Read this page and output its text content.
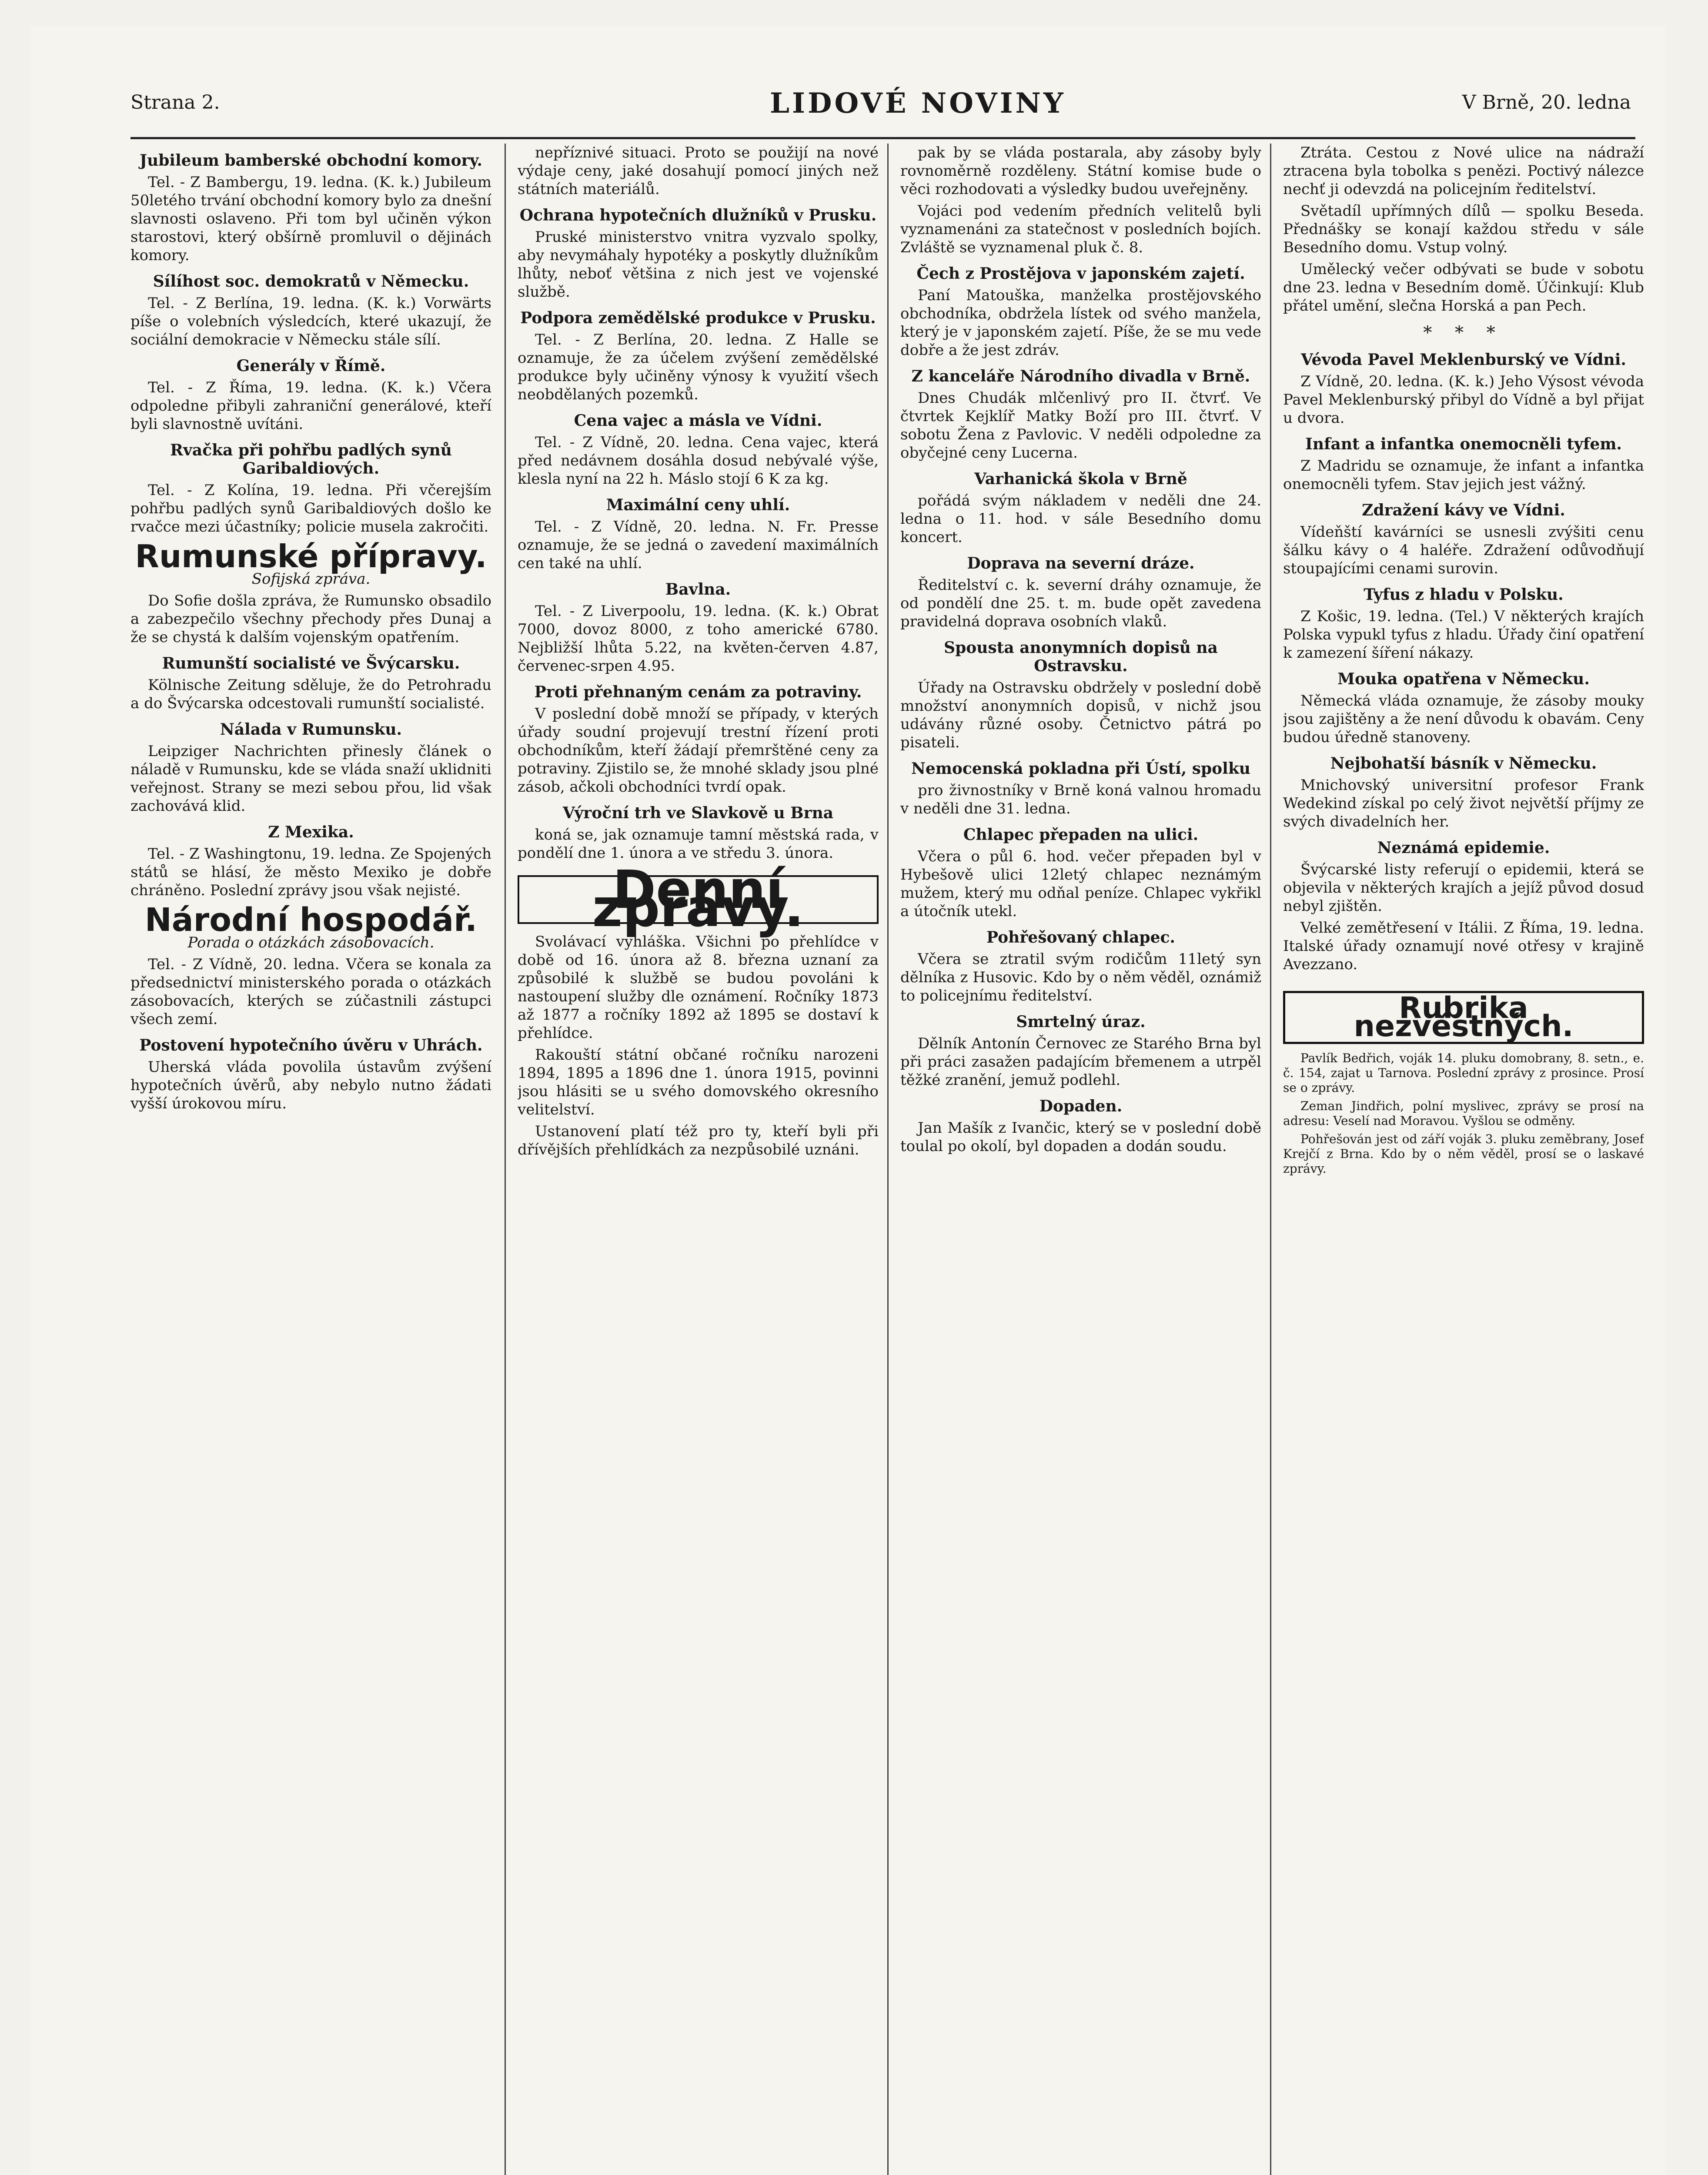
Strana 2.	LIDOVÉ NOVINY	V Brně, 20. ledna
Jubileum bamberské obchodní komory.

Tel. - Z Bambergu, 19. ledna. (K. k.) Jubileum 50letého trvání obchodní komory bylo za dnešní slavnosti oslaveno. Při tom byl učiněn výkon starostovi, který obšírně promluvil o dějinách komory.

Sílíhost soc. demokratů v Německu.

Tel. - Z Berlína, 19. ledna. (K. k.) Vorwärts píše o volebních výsledcích, které ukazují, že sociální demokracie v Německu stále sílí.

Generály v Římě.

Tel. - Z Říma, 19. ledna. (K. k.) Včera odpoledne přibyli zahraniční generálové, kteří byli slavnostně uvítáni.

Rvačka při pohřbu padlých synů Garibaldiových.

Tel. - Z Kolína, 19. ledna. Při včerejším pohřbu padlých synů Garibaldiových došlo ke rvačce mezi účastníky; policie musela zakročiti.

Rumunské přípravy.
Sofijská zpráva.

Do Sofie došla zpráva, že Rumunsko obsadilo a zabezpečilo všechny přechody přes Dunaj a že se chystá k dalším vojenským opatřením.

Rumunští socialisté ve Švýcarsku.

Kölnische Zeitung sděluje, že do Petrohradu a do Švýcarska odcestovali rumunští socialisté.

Nálada v Rumunsku.

Leipziger Nachrichten přinesly článek o náladě v Rumunsku, kde se vláda snaží uklidniti veřejnost. Strany se mezi sebou přou, lid však zachovává klid.

Z Mexika.

Tel. - Z Washingtonu, 19. ledna. Ze Spojených států se hlásí, že město Mexiko je dobře chráněno. Poslední zprávy jsou však nejisté.

Národní hospodář.
Porada o otázkách zásobovacích.

Tel. - Z Vídně, 20. ledna. Včera se konala za předsednictví ministerského porada o otázkách zásobovacích, kterých se zúčastnili zástupci všech zemí.

Postovení hypotečního úvěru v Uhrách.

Uherská vláda povolila ústavům zvýšení hypotečních úvěrů, aby nebylo nutno žádati vyšší úrokovou míru.

nepříznivé situaci. Proto se použijí na nové výdaje ceny, jaké dosahují pomocí jiných než státních materiálů.

Ochrana hypotečních dlužníků v Prusku.

Pruské ministerstvo vnitra vyzvalo spolky, aby nevymáhaly hypotéky a poskytly dlužníkům lhůty, neboť většina z nich jest ve vojenské službě.

Podpora zemědělské produkce v Prusku.

Tel. - Z Berlína, 20. ledna. Z Halle se oznamuje, že za účelem zvýšení zemědělské produkce byly učiněny výnosy k využití všech neobdělaných pozemků.

Cena vajec a másla ve Vídni.

Tel. - Z Vídně, 20. ledna. Cena vajec, která před nedávnem dosáhla dosud nebývalé výše, klesla nyní na 22 h. Máslo stojí 6 K za kg.

Maximální ceny uhlí.

Tel. - Z Vídně, 20. ledna. N. Fr. Presse oznamuje, že se jedná o zavedení maximálních cen také na uhlí.

Bavlna.

Tel. - Z Liverpoolu, 19. ledna. (K. k.) Obrat 7000, dovoz 8000, z toho americké 6780. Nejbližší lhůta 5.22, na květen-červen 4.87, červenec-srpen 4.95.

Proti přehnaným cenám za potraviny.

V poslední době množí se případy, v kterých úřady soudní projevují trestní řízení proti obchodníkům, kteří žádají přemrštěné ceny za potraviny. Zjistilo se, že mnohé sklady jsou plné zásob, ačkoli obchodníci tvrdí opak.

Výroční trh ve Slavkově u Brna

koná se, jak oznamuje tamní městská rada, v pondělí dne 1. února a ve středu 3. února.

Denní zprávy.

Svolávací vyhláška. Všichni po přehlídce v době od 16. února až 8. března uznaní za způsobilé k službě se budou povoláni k nastoupení služby dle oznámení. Ročníky 1873 až 1877 a ročníky 1892 až 1895 se dostaví k přehlídce.

Rakouští státní občané ročníku narozeni 1894, 1895 a 1896 dne 1. února 1915, povinni jsou hlásiti se u svého domovského okresního velitelství.

Ustanovení platí též pro ty, kteří byli při dřívějších přehlídkách za nezpůsobilé uznáni.

pak by se vláda postarala, aby zásoby byly rovnoměrně rozděleny. Státní komise bude o věci rozhodovati a výsledky budou uveřejněny.

Vojáci pod vedením předních velitelů byli vyznamenáni za statečnost v posledních bojích. Zvláště se vyznamenal pluk č. 8.

Čech z Prostějova v japonském zajetí.

Paní Matouška, manželka prostějovského obchodníka, obdržela lístek od svého manžela, který je v japonském zajetí. Píše, že se mu vede dobře a že jest zdráv.

Z kanceláře Národního divadla v Brně.

Dnes Chudák mlčenlivý pro II. čtvrť. Ve čtvrtek Kejklíř Matky Boží pro III. čtvrť. V sobotu Žena z Pavlovic. V neděli odpoledne za obyčejné ceny Lucerna.

Varhanická škola v Brně

pořádá svým nákladem v neděli dne 24. ledna o 11. hod. v sále Besedního domu koncert.

Doprava na severní dráze.

Ředitelství c. k. severní dráhy oznamuje, že od pondělí dne 25. t. m. bude opět zavedena pravidelná doprava osobních vlaků.

Spousta anonymních dopisů na Ostravsku.

Úřady na Ostravsku obdržely v poslední době množství anonymních dopisů, v nichž jsou udávány různé osoby. Četnictvo pátrá po pisateli.

Nemocenská pokladna při Ústí, spolku

pro živnostníky v Brně koná valnou hromadu v neděli dne 31. ledna.

Chlapec přepaden na ulici.

Včera o půl 6. hod. večer přepaden byl v Hybešově ulici 12letý chlapec neznámým mužem, který mu odňal peníze. Chlapec vykřikl a útočník utekl.

Pohřešovaný chlapec.

Včera se ztratil svým rodičům 11letý syn dělníka z Husovic. Kdo by o něm věděl, oznámiž to policejnímu ředitelství.

Smrtelný úraz.

Dělník Antonín Černovec ze Starého Brna byl při práci zasažen padajícím břemenem a utrpěl těžké zranění, jemuž podlehl.

Dopaden.

Jan Mašík z Ivančic, který se v poslední době toulal po okolí, byl dopaden a dodán soudu.

Ztráta. Cestou z Nové ulice na nádraží ztracena byla tobolka s penězi. Poctivý nálezce nechť ji odevzdá na policejním ředitelství.

Světadíl upřímných dílů — spolku Beseda. Přednášky se konají každou středu v sále Besedního domu. Vstup volný.

Umělecký večer odbývati se bude v sobotu dne 23. ledna v Besedním domě. Účinkují: Klub přátel umění, slečna Horská a pan Pech.

* * *
Vévoda Pavel Meklenburský ve Vídni.

Z Vídně, 20. ledna. (K. k.) Jeho Výsost vévoda Pavel Meklenburský přibyl do Vídně a byl přijat u dvora.

Infant a infantka onemocněli tyfem.

Z Madridu se oznamuje, že infant a infantka onemocněli tyfem. Stav jejich jest vážný.

Zdražení kávy ve Vídni.

Vídeňští kavárníci se usnesli zvýšiti cenu šálku kávy o 4 haléře. Zdražení odůvodňují stoupajícími cenami surovin.

Tyfus z hladu v Polsku.

Z Košic, 19. ledna. (Tel.) V některých krajích Polska vypukl tyfus z hladu. Úřady činí opatření k zamezení šíření nákazy.

Mouka opatřena v Německu.

Německá vláda oznamuje, že zásoby mouky jsou zajištěny a že není důvodu k obavám. Ceny budou úředně stanoveny.

Nejbohatší básník v Německu.

Mnichovský universitní profesor Frank Wedekind získal po celý život největší příjmy ze svých divadelních her.

Neznámá epidemie.

Švýcarské listy referují o epidemii, která se objevila v některých krajích a jejíž původ dosud nebyl zjištěn.

Velké zemětřesení v Itálii. Z Říma, 19. ledna. Italské úřady oznamují nové otřesy v krajině Avezzano.

Rubrika nezvěstných.

Pavlík Bedřich, voják 14. pluku domobrany, 8. setn., e. č. 154, zajat u Tarnova. Poslední zprávy z prosince. Prosí se o zprávy.

Zeman Jindřich, polní myslivec, zprávy se prosí na adresu: Veselí nad Moravou. Vyšlou se odměny.

Pohřešován jest od září voják 3. pluku zeměbrany, Josef Krejčí z Brna. Kdo by o něm věděl, prosí se o laskavé zprávy.
